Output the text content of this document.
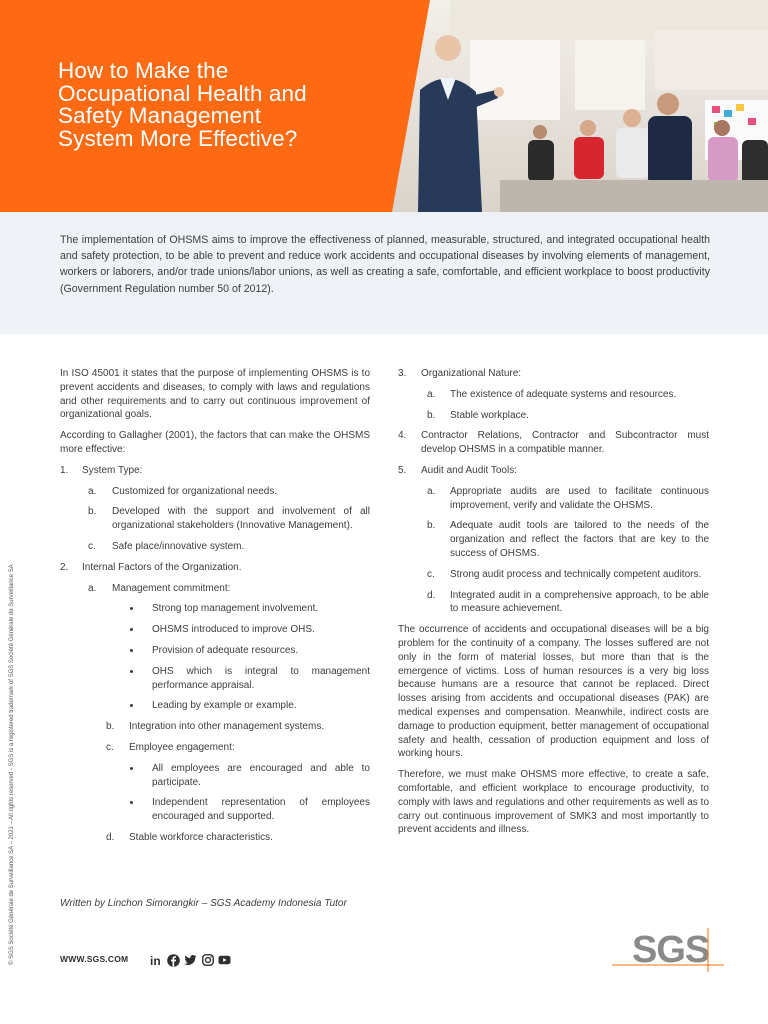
How to Make the
Occupational Health and
Safety Management
System More Effective?

The implementation of OHSMS aims to improve the effectiveness of planned, measurable, structured, and integrated occupational health and safety protection, to be able to prevent and reduce work accidents and occupational diseases by involving elements of management, workers or laborers, and/or trade unions/labor unions, as well as creating a safe, comfortable, and efficient workplace to boost productivity (Government Regulation number 50 of 2012).

In ISO 45001 it states that the purpose of implementing OHSMS is to prevent accidents and diseases, to comply with laws and regulations and other requirements and to carry out continuous improvement of organizational goals.

According to Gallagher (2001), the factors that can make the OHSMS more effective:

1. System Type:
a. Customized for organizational needs.
b. Developed with the support and involvement of all organizational stakeholders (Innovative Management).
c. Safe place/innovative system.
2. Internal Factors of the Organization.
a. Management commitment:
Strong top management involvement.
OHSMS introduced to improve OHS.
Provision of adequate resources.
OHS which is integral to management performance appraisal.
Leading by example or example.
b. Integration into other management systems.
c. Employee engagement:
All employees are encouraged and able to participate.
Independent representation of employees encouraged and supported.
d. Stable workforce characteristics.
3. Organizational Nature:
a. The existence of adequate systems and resources.
b. Stable workplace.
4. Contractor Relations, Contractor and Subcontractor must develop OHSMS in a compatible manner.
5. Audit and Audit Tools:
a. Appropriate audits are used to facilitate continuous improvement, verify and validate the OHSMS.
b. Adequate audit tools are tailored to the needs of the organization and reflect the factors that are key to the success of OHSMS.
c. Strong audit process and technically competent auditors.
d. Integrated audit in a comprehensive approach, to be able to measure achievement.

The occurrence of accidents and occupational diseases will be a big problem for the continuity of a company. The losses suffered are not only in the form of material losses, but more than that is the emergence of victims. Loss of human resources is a very big loss because humans are a resource that cannot be replaced. Direct losses arising from accidents and occupational diseases (PAK) are medical expenses and compensation. Meanwhile, indirect costs are damage to production equipment, better management of occupational safety and health, cessation of production equipment and loss of working hours.

Therefore, we must make OHSMS more effective, to create a safe, comfortable, and efficient workplace to encourage productivity, to comply with laws and regulations and other requirements as well as to carry out continuous improvement of SMK3 and most importantly to prevent accidents and illness.

© SGS Société Générale de Surveillance SA – 2021 – All rights reserved - SGS is a registered trademark of SGS Société Générale de Surveillance SA	Written by Linchon Simorangkir – SGS Academy Indonesia Tutor
WWW.SGS.COM in	SGS
